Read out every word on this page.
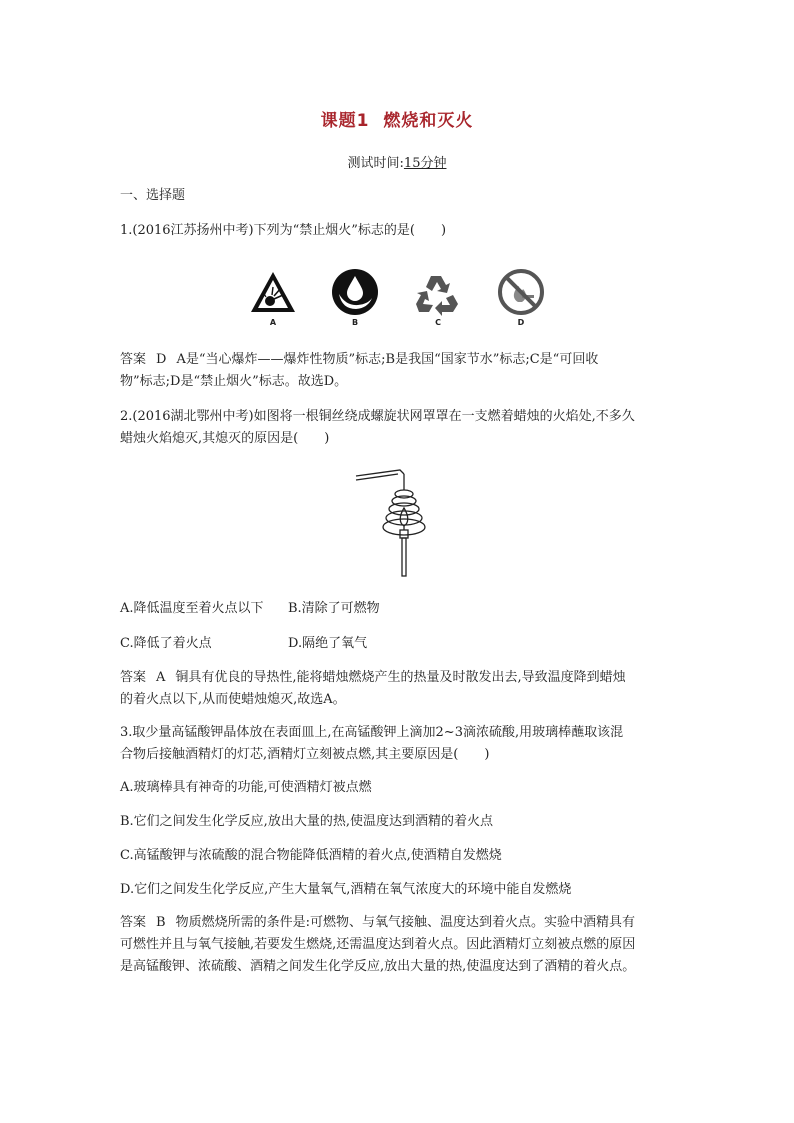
课题1 燃烧和灭火
测试时间:15分钟
一、选择题
1.(2016江苏扬州中考)下列为“禁止烟火”标志的是(　　)
A	B	C	D
答案 D A是“当心爆炸——爆炸性物质”标志;B是我国“国家节水”标志;C是“可回收
物”标志;D是“禁止烟火”标志。故选D。
2.(2016湖北鄂州中考)如图将一根铜丝绕成螺旋状网罩罩在一支燃着蜡烛的火焰处,不多久
蜡烛火焰熄灭,其熄灭的原因是(　　)
A.降低温度至着火点以下 B.清除了可燃物
C.降低了着火点	D.隔绝了氧气
答案 A 铜具有优良的导热性,能将蜡烛燃烧产生的热量及时散发出去,导致温度降到蜡烛
的着火点以下,从而使蜡烛熄灭,故选A。
3.取少量高锰酸钾晶体放在表面皿上,在高锰酸钾上滴加2~3滴浓硫酸,用玻璃棒蘸取该混
合物后接触酒精灯的灯芯,酒精灯立刻被点燃,其主要原因是(　　)
A.玻璃棒具有神奇的功能,可使酒精灯被点燃
B.它们之间发生化学反应,放出大量的热,使温度达到酒精的着火点
C.高锰酸钾与浓硫酸的混合物能降低酒精的着火点,使酒精自发燃烧
D.它们之间发生化学反应,产生大量氧气,酒精在氧气浓度大的环境中能自发燃烧
答案 B 物质燃烧所需的条件是:可燃物、与氧气接触、温度达到着火点。实验中酒精具有
可燃性并且与氧气接触,若要发生燃烧,还需温度达到着火点。因此酒精灯立刻被点燃的原因
是高锰酸钾、浓硫酸、酒精之间发生化学反应,放出大量的热,使温度达到了酒精的着火点。
